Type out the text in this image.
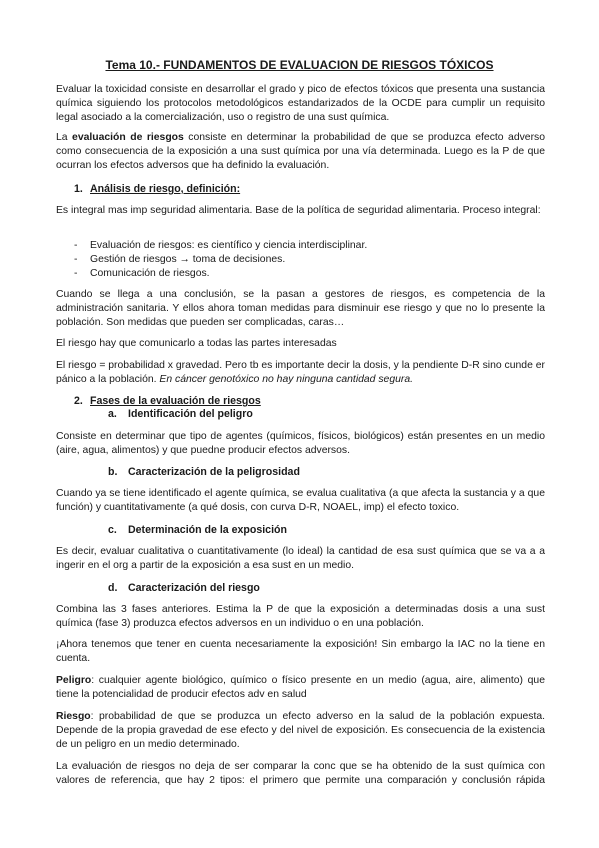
Tema 10.- FUNDAMENTOS DE EVALUACION DE RIESGOS TÓXICOS

Evaluar la toxicidad consiste en desarrollar el grado y pico de efectos tóxicos que presenta una sustancia química siguiendo los protocolos metodológicos estandarizados de la OCDE para cumplir un requisito legal asociado a la comercialización, uso o registro de una sust química.

La evaluación de riesgos consiste en determinar la probabilidad de que se produzca efecto adverso como consecuencia de la exposición a una sust química por una vía determinada. Luego es la P de que ocurran los efectos adversos que ha definido la evaluación.

1. Análisis de riesgo, definición:

Es integral mas imp seguridad alimentaria. Base de la política de seguridad alimentaria. Proceso integral:

- Evaluación de riesgos: es científico y ciencia interdisciplinar.
- Gestión de riesgos → toma de decisiones.
- Comunicación de riesgos.

Cuando se llega a una conclusión, se la pasan a gestores de riesgos, es competencia de la administración sanitaria. Y ellos ahora toman medidas para disminuir ese riesgo y que no lo presente la población. Son medidas que pueden ser complicadas, caras…

El riesgo hay que comunicarlo a todas las partes interesadas

El riesgo = probabilidad x gravedad. Pero tb es importante decir la dosis, y la pendiente D-R sino cunde er pánico a la población. En cáncer genotóxico no hay ninguna cantidad segura.

2. Fases de la evaluación de riesgos
a. Identificación del peligro

Consiste en determinar que tipo de agentes (químicos, físicos, biológicos) están presentes en un medio (aire, agua, alimentos) y que puedne producir efectos adversos.

b. Caracterización de la peligrosidad

Cuando ya se tiene identificado el agente química, se evalua cualitativa (a que afecta la sustancia y a que función) y cuantitativamente (a qué dosis, con curva D-R, NOAEL, imp) el efecto toxico.

c. Determinación de la exposición

Es decir, evaluar cualitativa o cuantitativamente (lo ideal) la cantidad de esa sust química que se va a a ingerir en el org a partir de la exposición a esa sust en un medio.

d. Caracterización del riesgo

Combina las 3 fases anteriores. Estima la P de que la exposición a determinadas dosis a una sust química (fase 3) produzca efectos adversos en un individuo o en una población.

¡Ahora tenemos que tener en cuenta necesariamente la exposición! Sin embargo la IAC no la tiene en cuenta.

Peligro: cualquier agente biológico, químico o físico presente en un medio (agua, aire, alimento) que tiene la potencialidad de producir efectos adv en salud

Riesgo: probabilidad de que se produzca un efecto adverso en la salud de la población expuesta. Depende de la propia gravedad de ese efecto y del nivel de exposición. Es consecuencia de la existencia de un peligro en un medio determinado.

La evaluación de riesgos no deja de ser comparar la conc que se ha obtenido de la sust química con valores de referencia, que hay 2 tipos: el primero que permite una comparación y conclusión rápida
